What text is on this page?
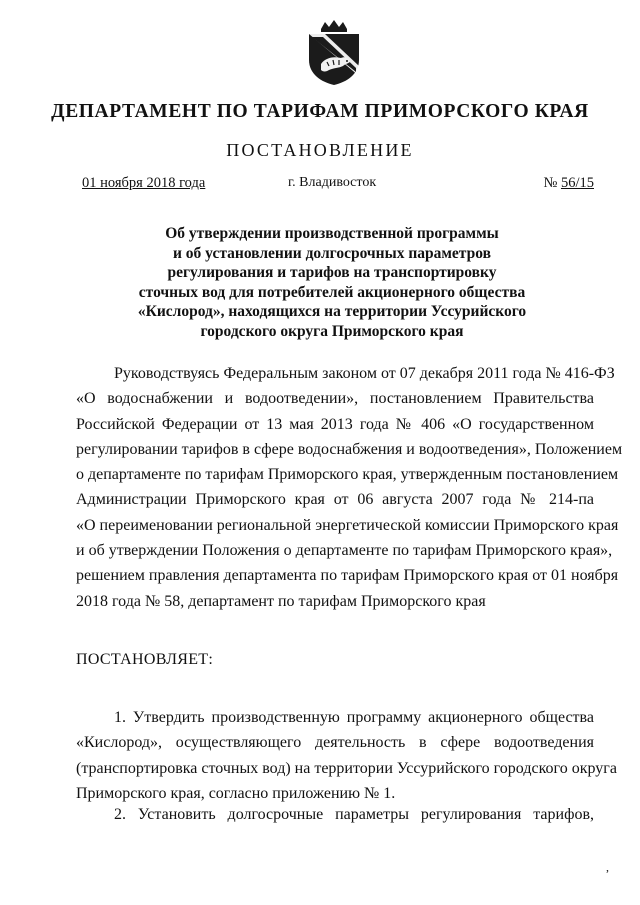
ДЕПАРТАМЕНТ ПО ТАРИФАМ ПРИМОРСКОГО КРАЯ
ПОСТАНОВЛЕНИЕ
01 ноября 2018 года	г. Владивосток	№ 56/15
Об утверждении производственной программы
и об установлении долгосрочных параметров
регулирования и тарифов на транспортировку
сточных вод для потребителей акционерного общества
«Кислород», находящихся на территории Уссурийского
городского округа Приморского края
Руководствуясь Федеральным законом от 07 декабря 2011 года № 416-ФЗ
«О водоснабжении и водоотведении», постановлением Правительства
Российской Федерации от 13 мая 2013 года № 406 «О государственном
регулировании тарифов в сфере водоснабжения и водоотведения», Положением
о департаменте по тарифам Приморского края, утвержденным постановлением
Администрации Приморского края от 06 августа 2007 года № 214-па
«О переименовании региональной энергетической комиссии Приморского края
и об утверждении Положения о департаменте по тарифам Приморского края»,
решением правления департамента по тарифам Приморского края от 01 ноября
2018 года № 58, департамент по тарифам Приморского края
ПОСТАНОВЛЯЕТ:
1. Утвердить производственную программу акционерного общества
«Кислород», осуществляющего деятельность в сфере водоотведения
(транспортировка сточных вод) на территории Уссурийского городского округа
Приморского края, согласно приложению № 1.
2. Установить долгосрочные параметры регулирования тарифов,
,
